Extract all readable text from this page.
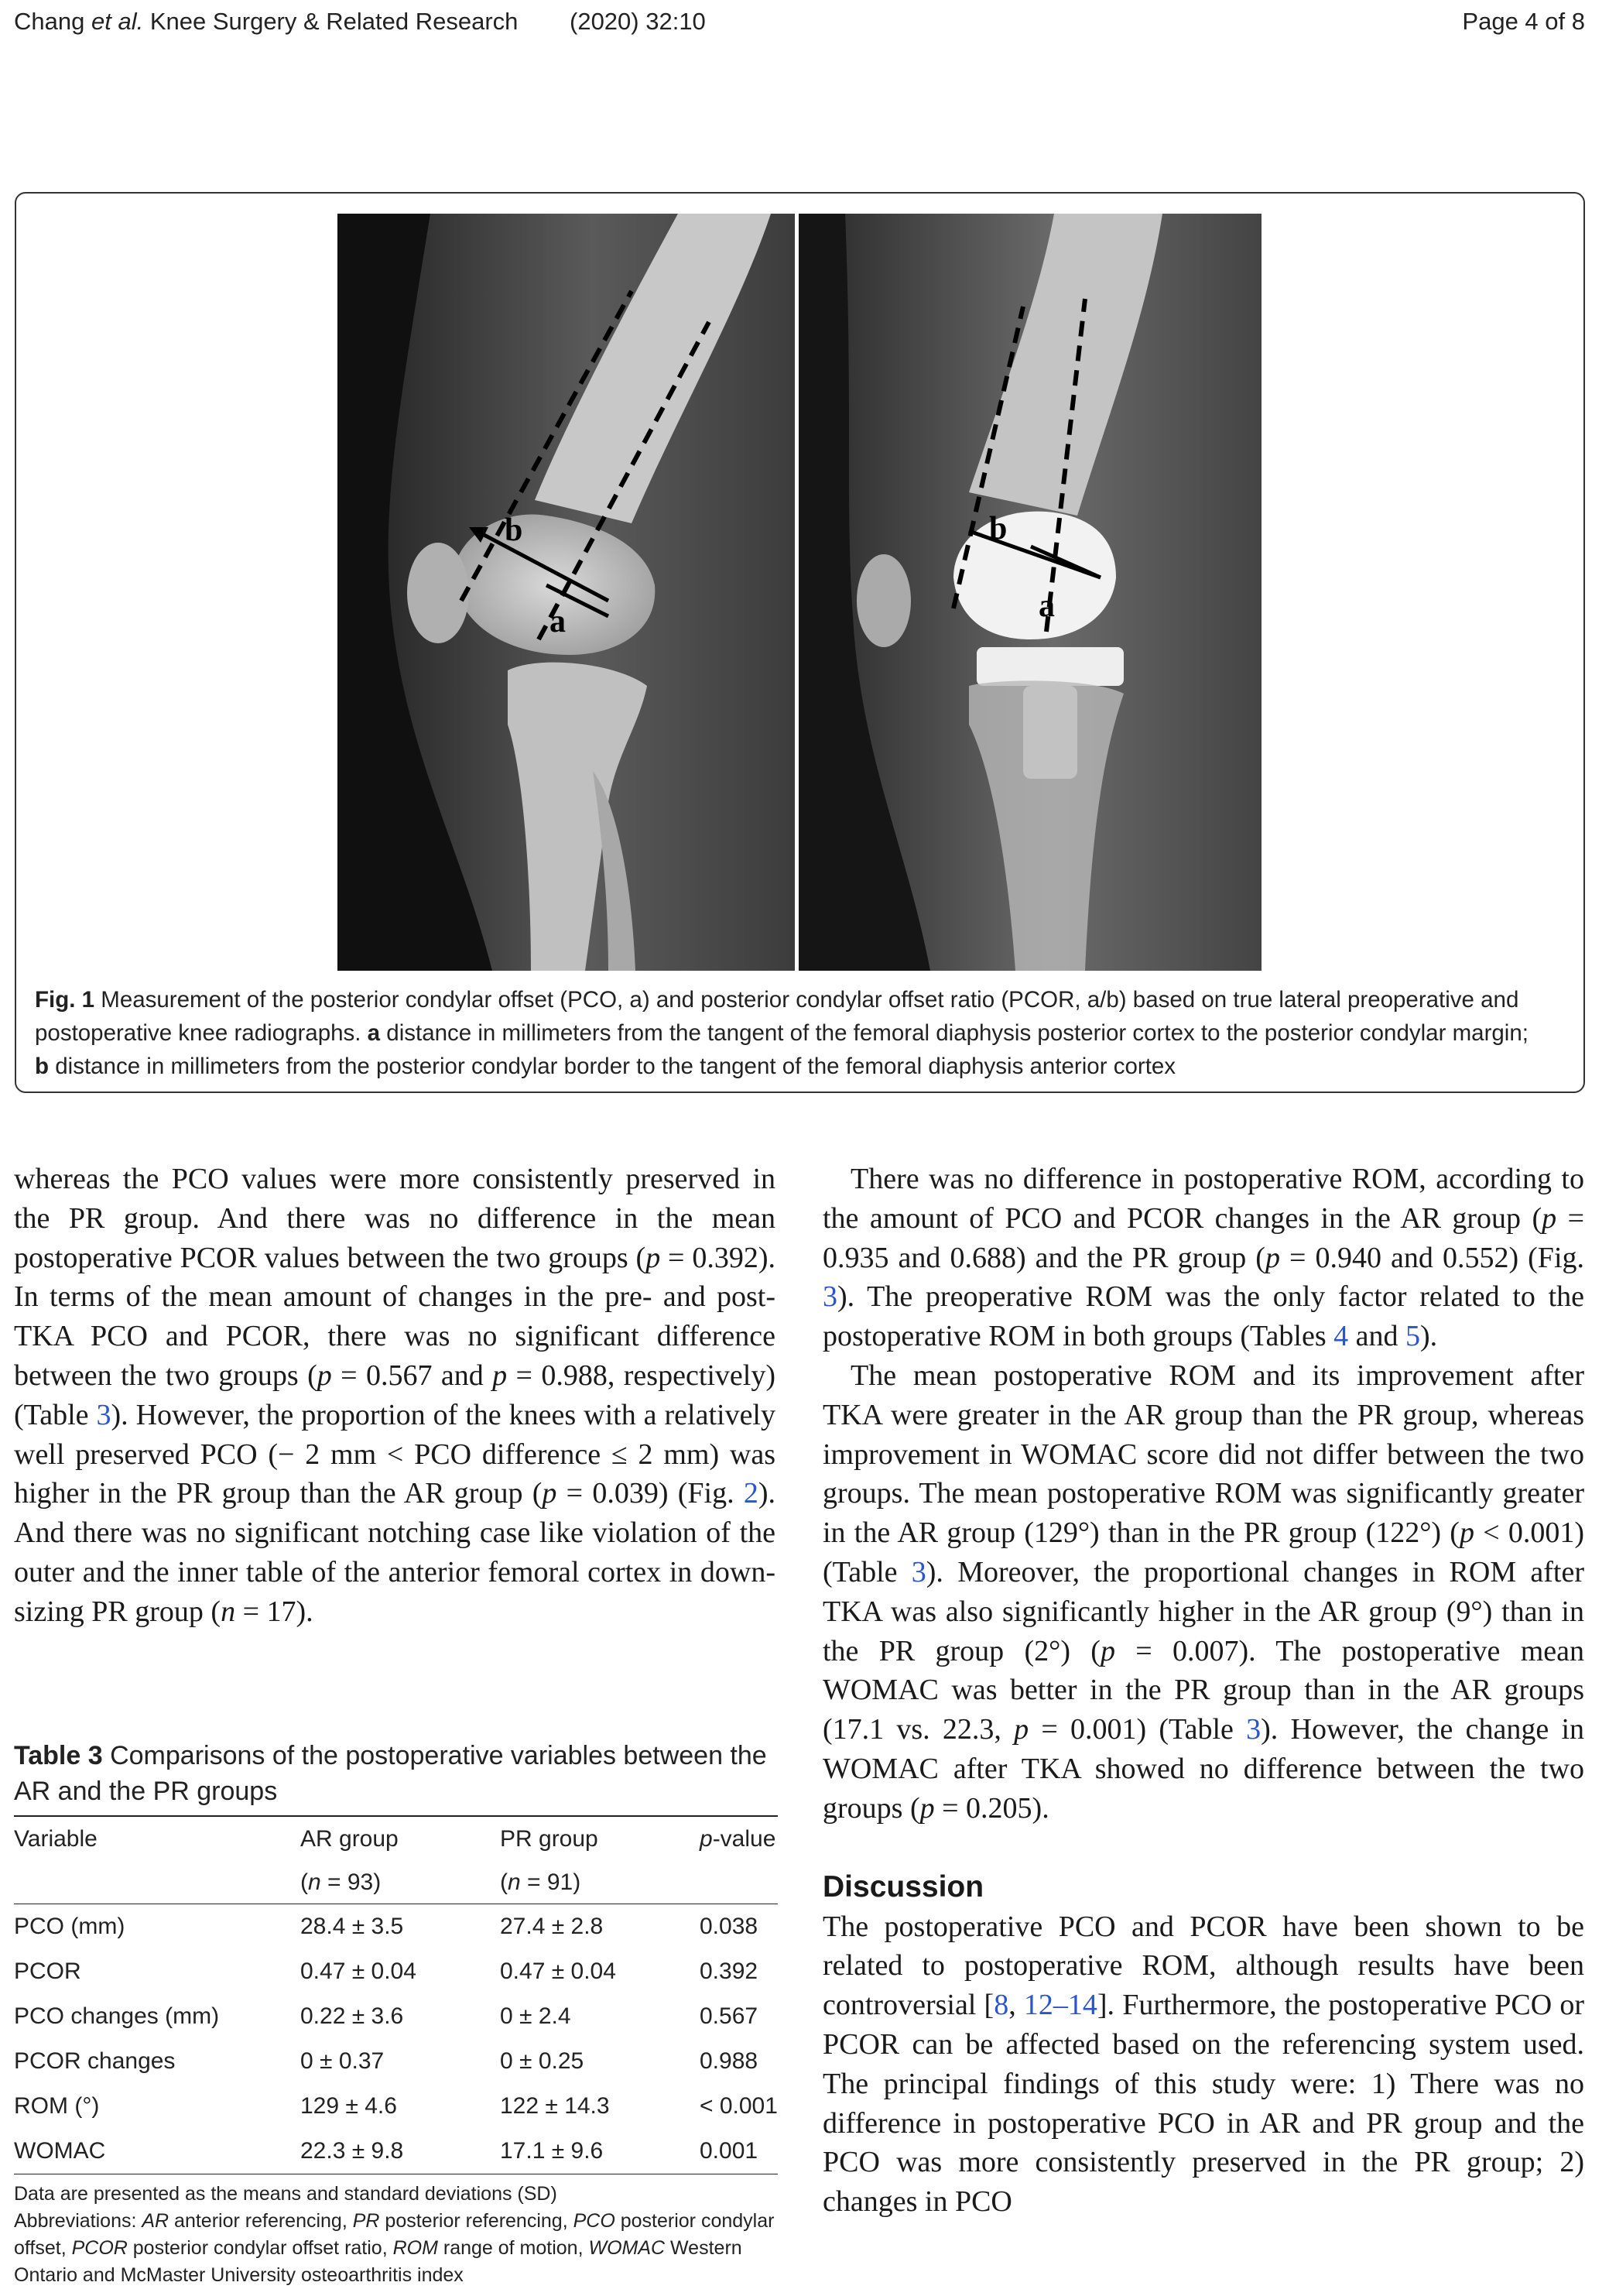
Chang et al. Knee Surgery & Related Research (2020) 32:10	Page 4 of 8
b
a
b
a
Fig. 1 Measurement of the posterior condylar offset (PCO, a) and posterior condylar offset ratio (PCOR, a/b) based on true lateral preoperative and postoperative knee radiographs. a distance in millimeters from the tangent of the femoral diaphysis posterior cortex to the posterior condylar margin; b distance in millimeters from the posterior condylar border to the tangent of the femoral diaphysis anterior cortex

whereas the PCO values were more consistently preserved in the PR group. And there was no difference in the mean postoperative PCOR values between the two groups (p = 0.392). In terms of the mean amount of changes in the pre- and post-TKA PCO and PCOR, there was no significant difference between the two groups (p = 0.567 and p = 0.988, respectively) (Table 3). However, the proportion of the knees with a relatively well preserved PCO (− 2 mm < PCO difference ≤ 2 mm) was higher in the PR group than the AR group (p = 0.039) (Fig. 2). And there was no significant notching case like violation of the outer and the inner table of the anterior femoral cortex in down-sizing PR group (n = 17).

Table 3 Comparisons of the postoperative variables between the AR and the PR groups
Variable	AR group	PR group	p-value
	(n = 93)	(n = 91)	
PCO (mm)	28.4 ± 3.5	27.4 ± 2.8	0.038
PCOR	0.47 ± 0.04	0.47 ± 0.04	0.392
PCO changes (mm)	0.22 ± 3.6	0 ± 2.4	0.567
PCOR changes	0 ± 0.37	0 ± 0.25	0.988
ROM (°)	129 ± 4.6	122 ± 14.3	< 0.001
WOMAC	22.3 ± 9.8	17.1 ± 9.6	0.001
Data are presented as the means and standard deviations (SD)
Abbreviations: AR anterior referencing, PR posterior referencing, PCO posterior condylar offset, PCOR posterior condylar offset ratio, ROM range of motion, WOMAC Western Ontario and McMaster University osteoarthritis index

There was no difference in postoperative ROM, according to the amount of PCO and PCOR changes in the AR group (p = 0.935 and 0.688) and the PR group (p = 0.940 and 0.552) (Fig. 3). The preoperative ROM was the only factor related to the postoperative ROM in both groups (Tables 4 and 5).

The mean postoperative ROM and its improvement after TKA were greater in the AR group than the PR group, whereas improvement in WOMAC score did not differ between the two groups. The mean postoperative ROM was significantly greater in the AR group (129°) than in the PR group (122°) (p < 0.001) (Table 3). Moreover, the proportional changes in ROM after TKA was also significantly higher in the AR group (9°) than in the PR group (2°) (p = 0.007). The postoperative mean WOMAC was better in the PR group than in the AR groups (17.1 vs. 22.3, p = 0.001) (Table 3). However, the change in WOMAC after TKA showed no difference between the two groups (p = 0.205).

Discussion

The postoperative PCO and PCOR have been shown to be related to postoperative ROM, although results have been controversial [8, 12–14]. Furthermore, the postoperative PCO or PCOR can be affected based on the referencing system used. The principal findings of this study were: 1) There was no difference in postoperative PCO in AR and PR group and the PCO was more consistently preserved in the PR group; 2) changes in PCO
